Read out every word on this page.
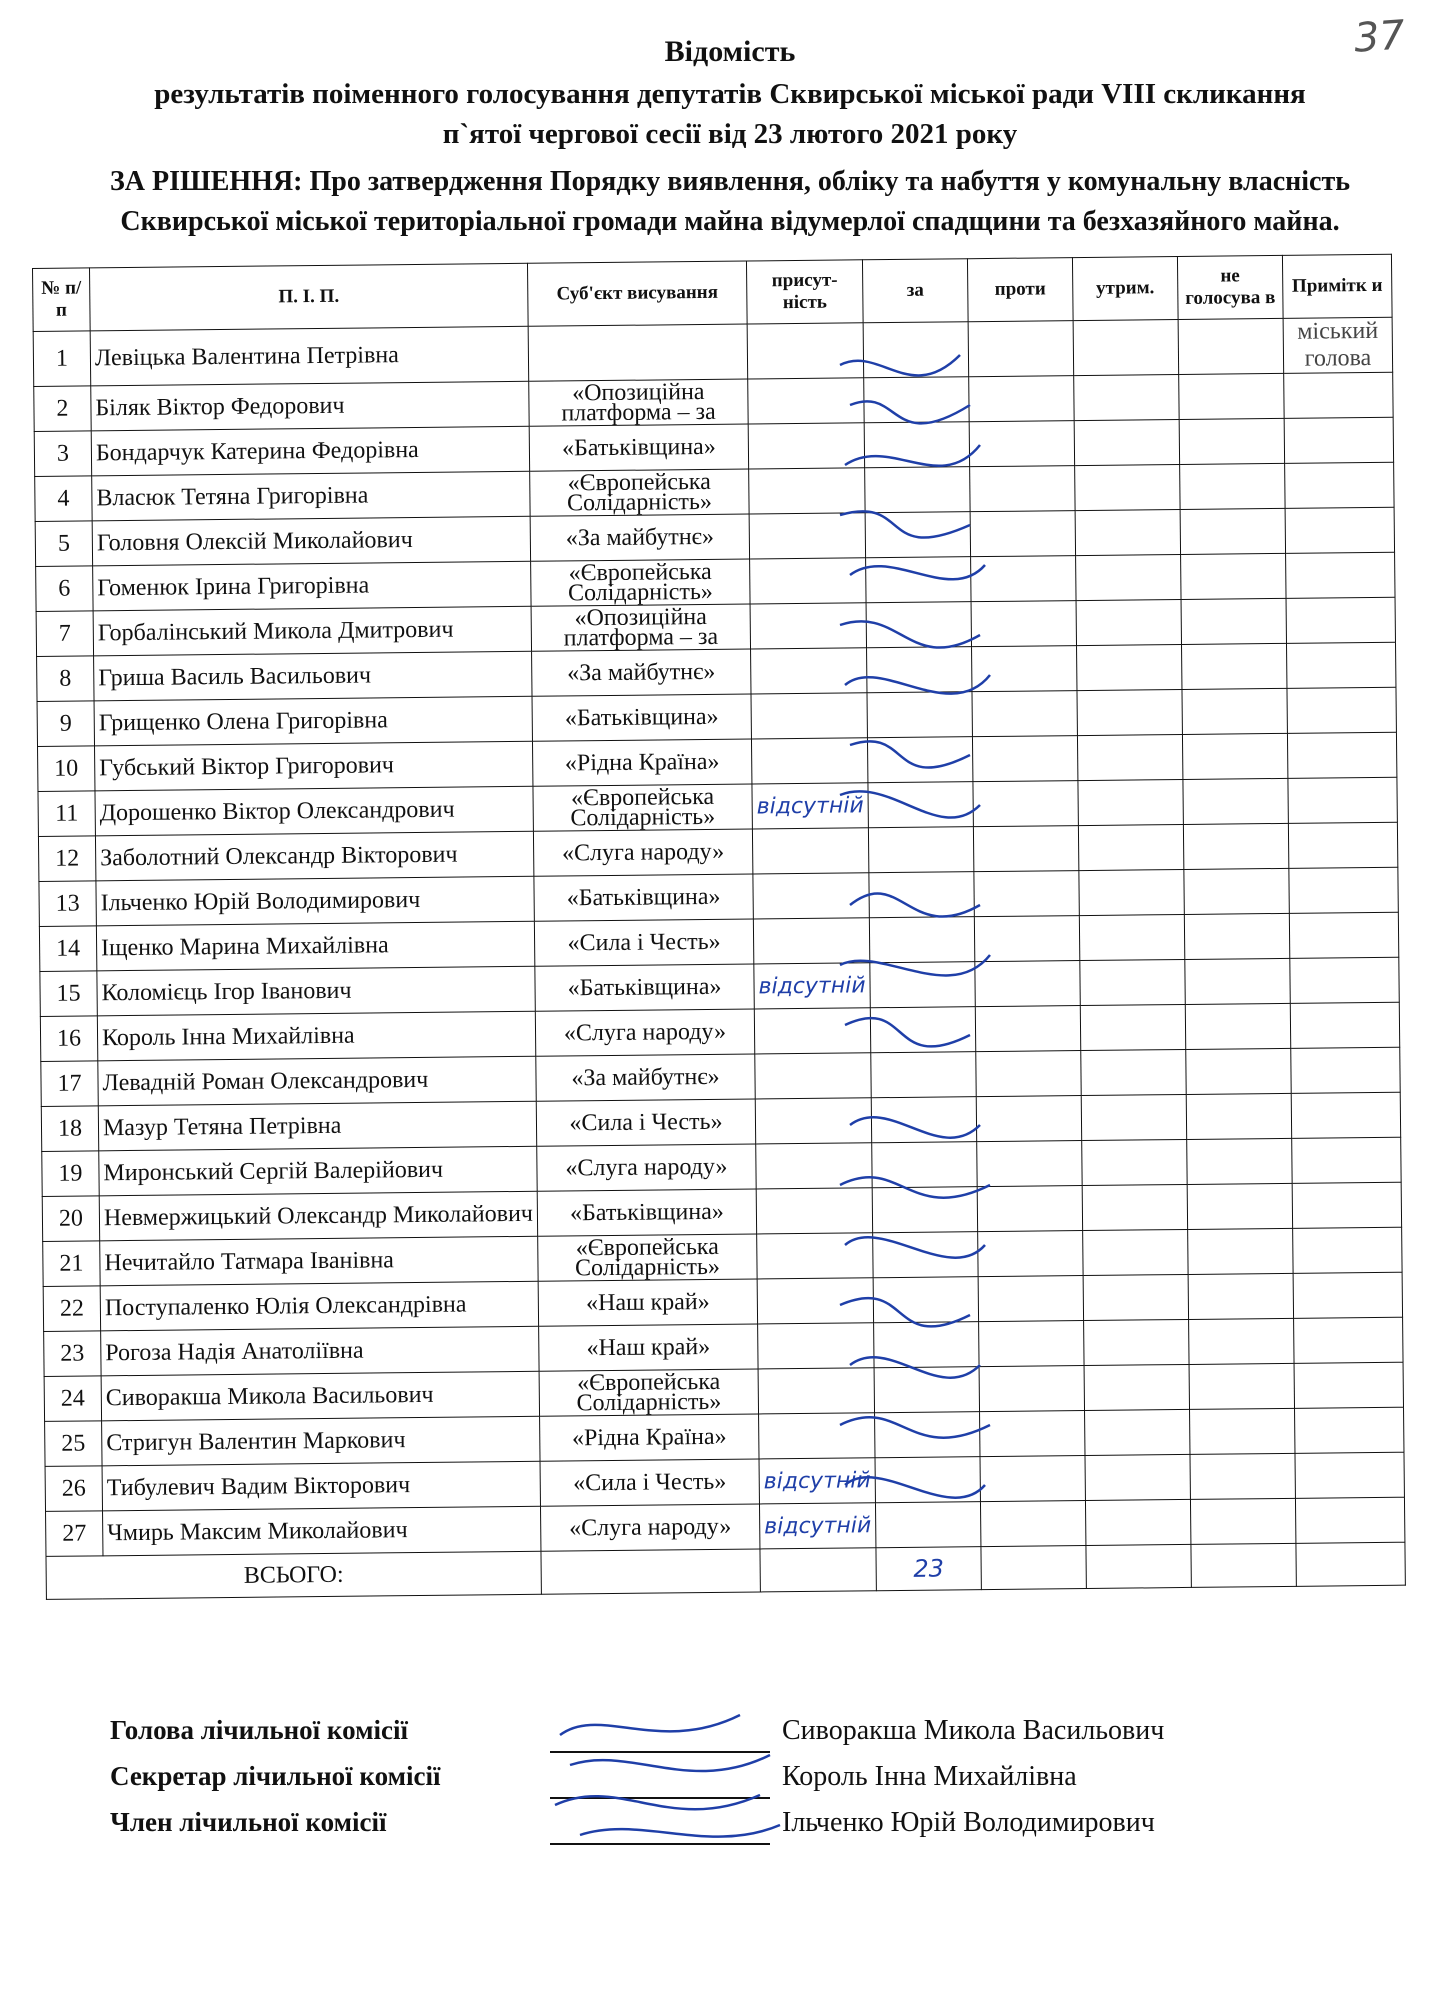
37
Відомість
результатів поіменного голосування депутатів Сквирської міської ради VIII скликання
п`ятої чергової сесії від 23 лютого 2021 року
ЗА РІШЕННЯ: Про затвердження Порядку виявлення, обліку та набуття у комунальну власність Сквирської міської територіальної громади майна відумерлої спадщини та безхазяйного майна.
№ п/п	П. І. П.	Суб'єкт висування	присут-ність	за	проти	утрим.	не голосува в	Примітк и
1	Левіцька Валентина Петрівна							міський голова
2	Біляк Віктор Федорович	«Опозиційна платформа – за						
3	Бондарчук Катерина Федорівна	«Батьківщина»						
4	Власюк Тетяна Григорівна	«Європейська Солідарність»						
5	Головня Олексій Миколайович	«За майбутнє»						
6	Гоменюк Ірина Григорівна	«Європейська Солідарність»						
7	Горбалінський Микола Дмитрович	«Опозиційна платформа – за						
8	Гриша Василь Васильович	«За майбутнє»						
9	Грищенко Олена Григорівна	«Батьківщина»						
10	Губський Віктор Григорович	«Рідна Країна»						
11	Дорошенко Віктор Олександрович	«Європейська Солідарність»	відсутній					
12	Заболотний Олександр Вікторович	«Слуга народу»						
13	Ільченко Юрій Володимирович	«Батьківщина»						
14	Іщенко Марина Михайлівна	«Сила і Честь»						
15	Коломієць Ігор Іванович	«Батьківщина»	відсутній					
16	Король Інна Михайлівна	«Слуга народу»						
17	Левадній Роман Олександрович	«За майбутнє»						
18	Мазур Тетяна Петрівна	«Сила і Честь»						
19	Миронський Сергій Валерійович	«Слуга народу»						
20	Невмержицький Олександр Миколайович	«Батьківщина»						
21	Нечитайло Татмара Іванівна	«Європейська Солідарність»						
22	Поступаленко Юлія Олександрівна	«Наш край»						
23	Рогоза Надія Анатоліївна	«Наш край»						
24	Сиворакша Микола Васильович	«Європейська Солідарність»						
25	Стригун Валентин Маркович	«Рідна Країна»						
26	Тибулевич Вадим Вікторович	«Сила і Честь»	відсутній					
27	Чмирь Максим Миколайович	«Слуга народу»	відсутній					
ВСЬОГО:				23				
Голова лічильної комісії	Сиворакша Микола Васильович
Секретар лічильної комісії	Король Інна Михайлівна
Член лічильної комісії	Ільченко Юрій Володимирович
